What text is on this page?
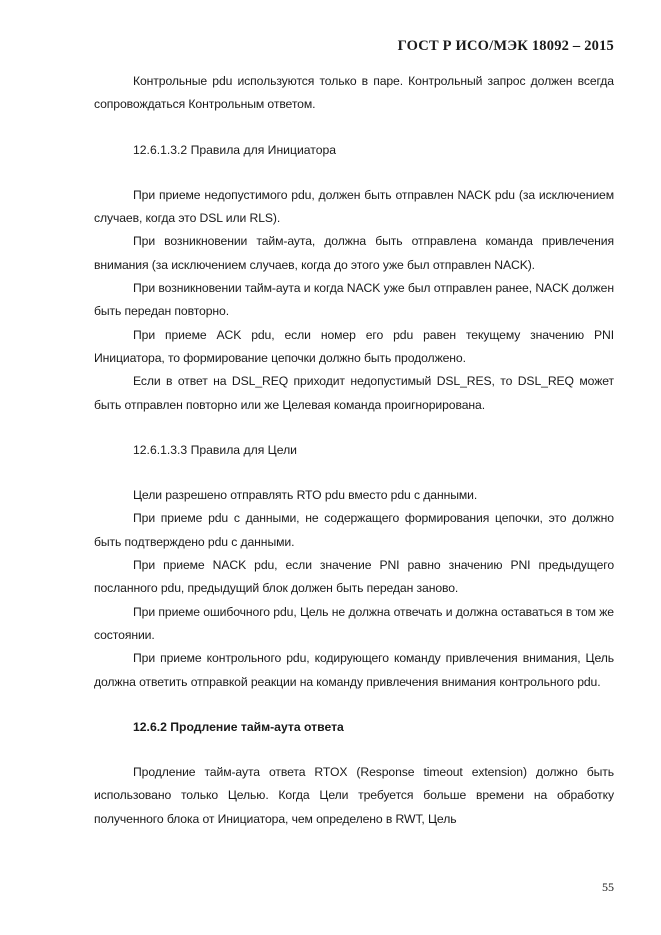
ГОСТ Р ИСО/МЭК 18092 – 2015

Контрольные pdu используются только в паре. Контрольный запрос должен всегда сопровождаться Контрольным ответом.

12.6.1.3.2 Правила для Инициатора

При приеме недопустимого pdu, должен быть отправлен NACK pdu (за исключением случаев, когда это DSL или RLS).

При возникновении тайм-аута, должна быть отправлена команда привлечения внимания (за исключением случаев, когда до этого уже был отправлен NACK).

При возникновении тайм-аута и когда NACK уже был отправлен ранее, NACK должен быть передан повторно.

При приеме ACK pdu, если номер его pdu равен текущему значению PNI Инициатора, то формирование цепочки должно быть продолжено.

Если в ответ на DSL_REQ приходит недопустимый DSL_RES, то DSL_REQ может быть отправлен повторно или же Целевая команда проигнорирована.

12.6.1.3.3 Правила для Цели

Цели разрешено отправлять RTO pdu вместо pdu с данными.

При приеме pdu с данными, не содержащего формирования цепочки, это должно быть подтверждено pdu с данными.

При приеме NACK pdu, если значение PNI равно значению PNI предыдущего посланного pdu, предыдущий блок должен быть передан заново.

При приеме ошибочного pdu, Цель не должна отвечать и должна оставаться в том же состоянии.

При приеме контрольного pdu, кодирующего команду привлечения внимания, Цель должна ответить отправкой реакции на команду привлечения внимания контрольного pdu.

12.6.2 Продление тайм-аута ответа

Продление тайм-аута ответа RTOX (Response timeout extension) должно быть использовано только Целью. Когда Цели требуется больше времени на обработку полученного блока от Инициатора, чем определено в RWT, Цель

55
